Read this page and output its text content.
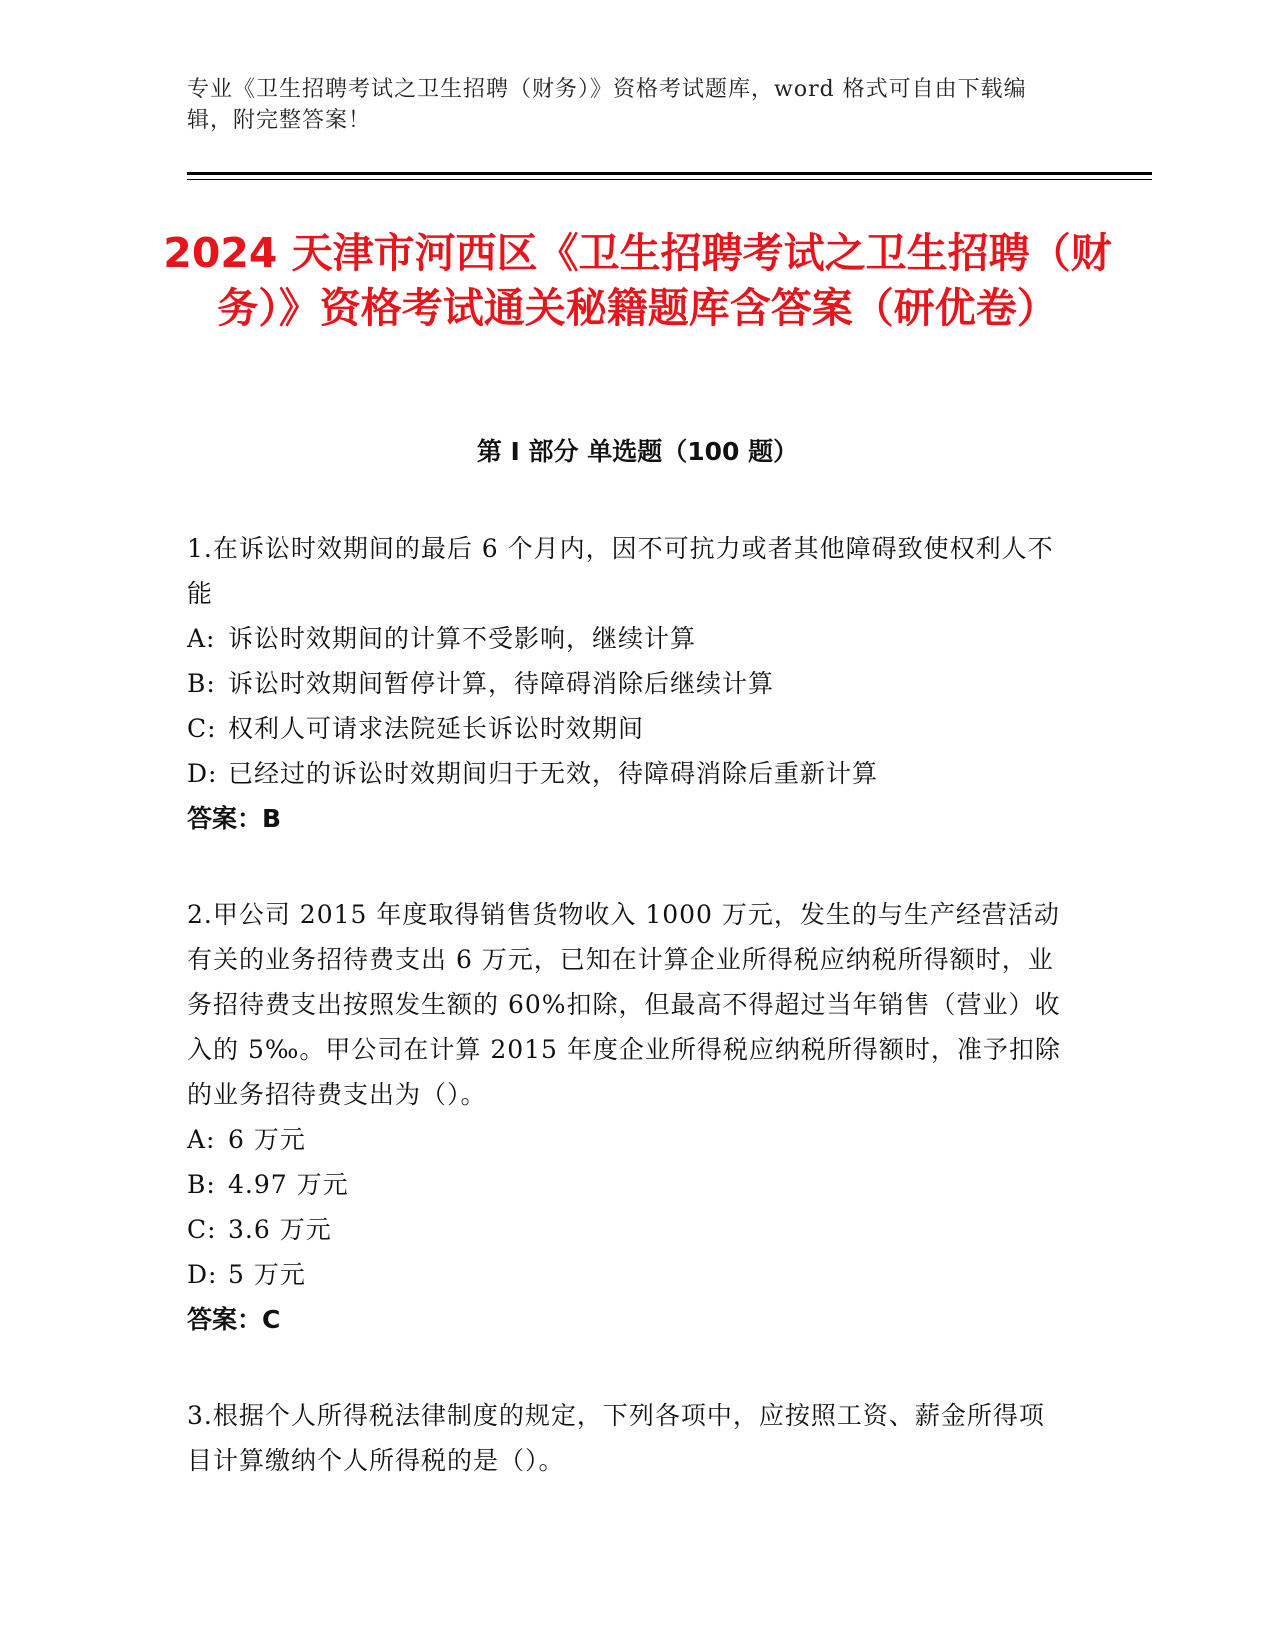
专业《卫生招聘考试之卫生招聘（财务）》资格考试题库，word 格式可自由下载编辑，附完整答案！
2024 天津市河西区《卫生招聘考试之卫生招聘（财务）》资格考试通关秘籍题库含答案（研优卷）
第 I 部分 单选题（100 题）
1.在诉讼时效期间的最后 6 个月内，因不可抗力或者其他障碍致使权利人不能
A: 诉讼时效期间的计算不受影响，继续计算
B: 诉讼时效期间暂停计算，待障碍消除后继续计算
C: 权利人可请求法院延长诉讼时效期间
D: 已经过的诉讼时效期间归于无效，待障碍消除后重新计算
答案：B
2.甲公司 2015 年度取得销售货物收入 1000 万元，发生的与生产经营活动有关的业务招待费支出 6 万元，已知在计算企业所得税应纳税所得额时，业务招待费支出按照发生额的 60%扣除，但最高不得超过当年销售（营业）收入的 5‰。甲公司在计算 2015 年度企业所得税应纳税所得额时，准予扣除的业务招待费支出为（）。
A: 6 万元
B: 4.97 万元
C: 3.6 万元
D: 5 万元
答案：C
3.根据个人所得税法律制度的规定，下列各项中，应按照工资、薪金所得项目计算缴纳个人所得税的是（）。
